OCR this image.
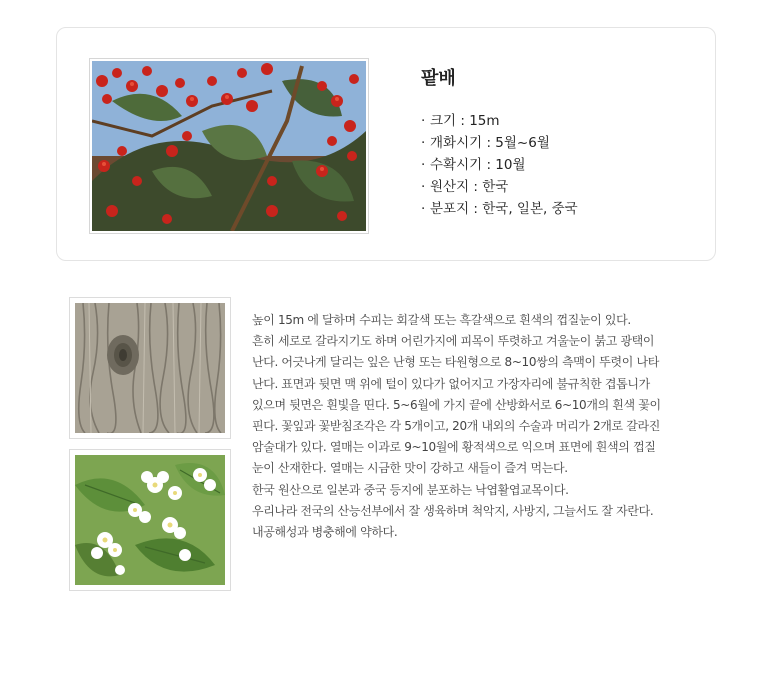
팥배
· 크기 : 15m
· 개화시기 : 5월~6월
· 수확시기 : 10월
· 원산지 : 한국
· 분포지 : 한국, 일본, 중국

높이 15m 에 달하며 수피는 회갈색 또는 흑갈색으로 흰색의 껍질눈이 있다.

흔히 세로로 갈라지기도 하며 어린가지에 피목이 뚜렷하고 겨울눈이 붉고 광택이

난다. 어긋나게 달리는 잎은 난형 또는 타원형으로 8~10쌍의 측맥이 뚜렷이 나타

난다. 표면과 뒷면 맥 위에 털이 있다가 없어지고 가장자리에 불규칙한 겹톱니가

있으며 뒷면은 흰빛을 띤다. 5~6월에 가지 끝에 산방화서로 6~10개의 흰색 꽃이

핀다. 꽃잎과 꽃받침조각은 각 5개이고, 20개 내외의 수술과 머리가 2개로 갈라진

암술대가 있다. 열매는 이과로 9~10월에 황적색으로 익으며 표면에 흰색의 껍질

눈이 산재한다. 열매는 시금한 맛이 강하고 새들이 즐겨 먹는다.

한국 원산으로 일본과 중국 등지에 분포하는 낙엽활엽교목이다.

우리나라 전국의 산능선부에서 잘 생육하며 척악지, 사방지, 그늘서도 잘 자란다.

내공해성과 병충해에 약하다.
